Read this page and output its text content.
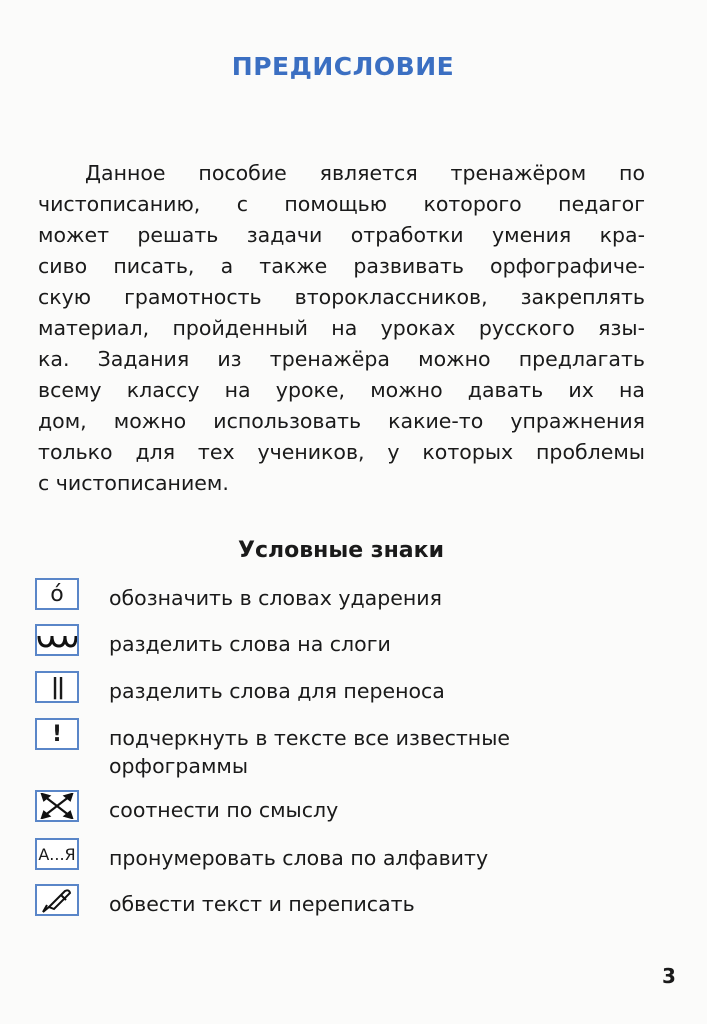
ПРЕДИСЛОВИЕ
Данное пособие является тренажёром по
чистописанию, с помощью которого педагог
может решать задачи отработки умения кра-
сиво писать, а также развивать орфографиче-
скую грамотность второклассников, закреплять
материал, пройденный на уроках русского язы-
ка. Задания из тренажёра можно предлагать
всему классу на уроке, можно давать их на
дом, можно использовать какие-то упражнения
только для тех учеников, у которых проблемы
с чистописанием.
Условные знаки
ó обозначить в словах ударения
разделить слова на слоги
|| разделить слова для переноса
! подчеркнуть в тексте все известные
орфограммы
соотнести по смыслу
А...Я пронумеровать слова по алфавиту
обвести текст и переписать
3
